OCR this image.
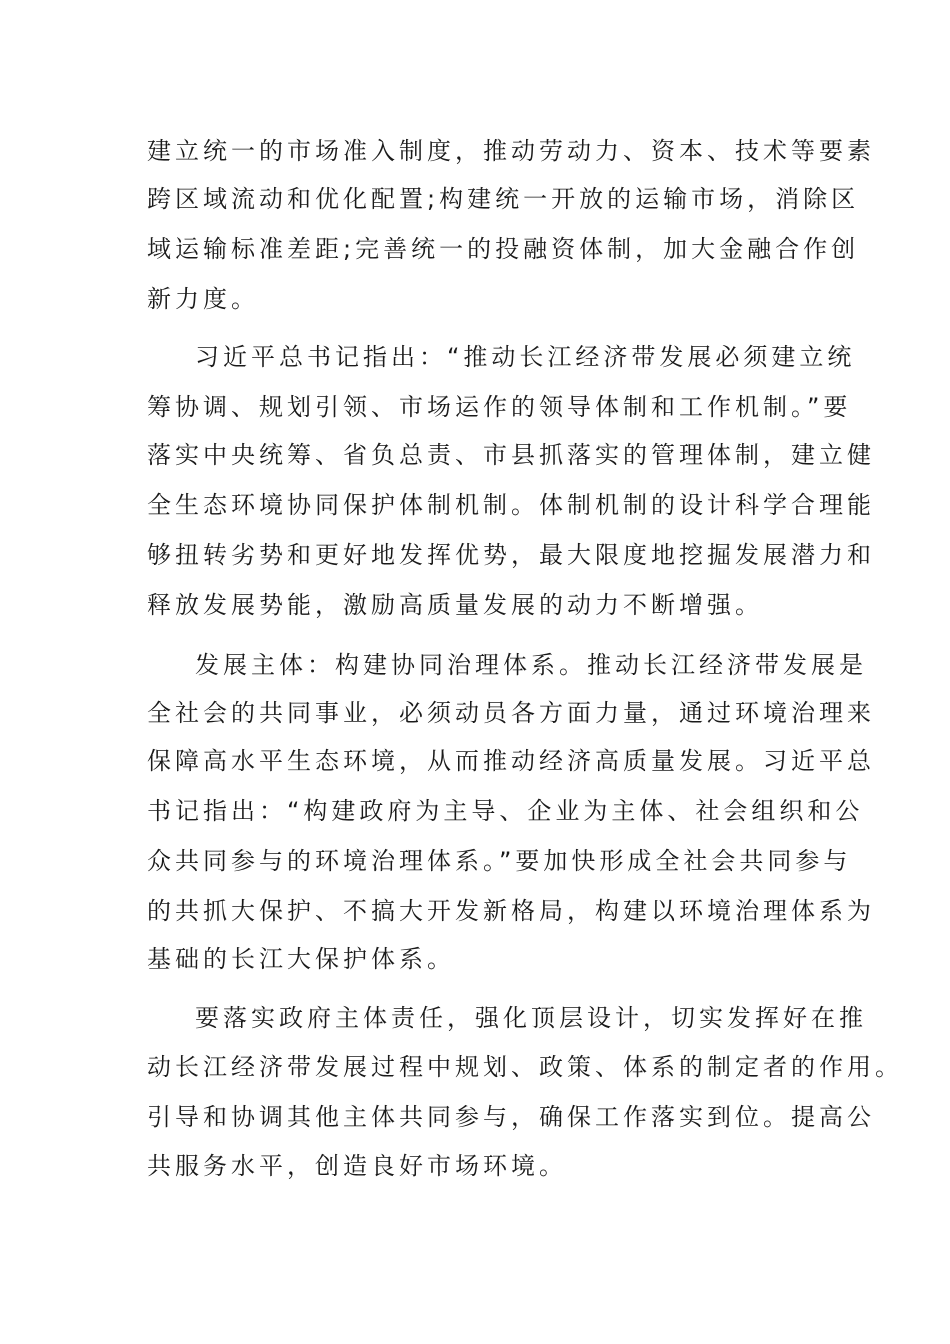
建立统一的市场准入制度，推动劳动力、资本、技术等要素

跨区域流动和优化配置;构建统一开放的运输市场，消除区

域运输标准差距;完善统一的投融资体制，加大金融合作创

新力度。

习近平总书记指出：“推动长江经济带发展必须建立统

筹协调、规划引领、市场运作的领导体制和工作机制。”要

落实中央统筹、省负总责、市县抓落实的管理体制，建立健

全生态环境协同保护体制机制。体制机制的设计科学合理能

够扭转劣势和更好地发挥优势，最大限度地挖掘发展潜力和

释放发展势能，激励高质量发展的动力不断增强。

发展主体：构建协同治理体系。推动长江经济带发展是

全社会的共同事业，必须动员各方面力量，通过环境治理来

保障高水平生态环境，从而推动经济高质量发展。习近平总

书记指出：“构建政府为主导、企业为主体、社会组织和公

众共同参与的环境治理体系。”要加快形成全社会共同参与

的共抓大保护、不搞大开发新格局，构建以环境治理体系为

基础的长江大保护体系。

要落实政府主体责任，强化顶层设计，切实发挥好在推

动长江经济带发展过程中规划、政策、体系的制定者的作用。

引导和协调其他主体共同参与，确保工作落实到位。提高公

共服务水平，创造良好市场环境。
